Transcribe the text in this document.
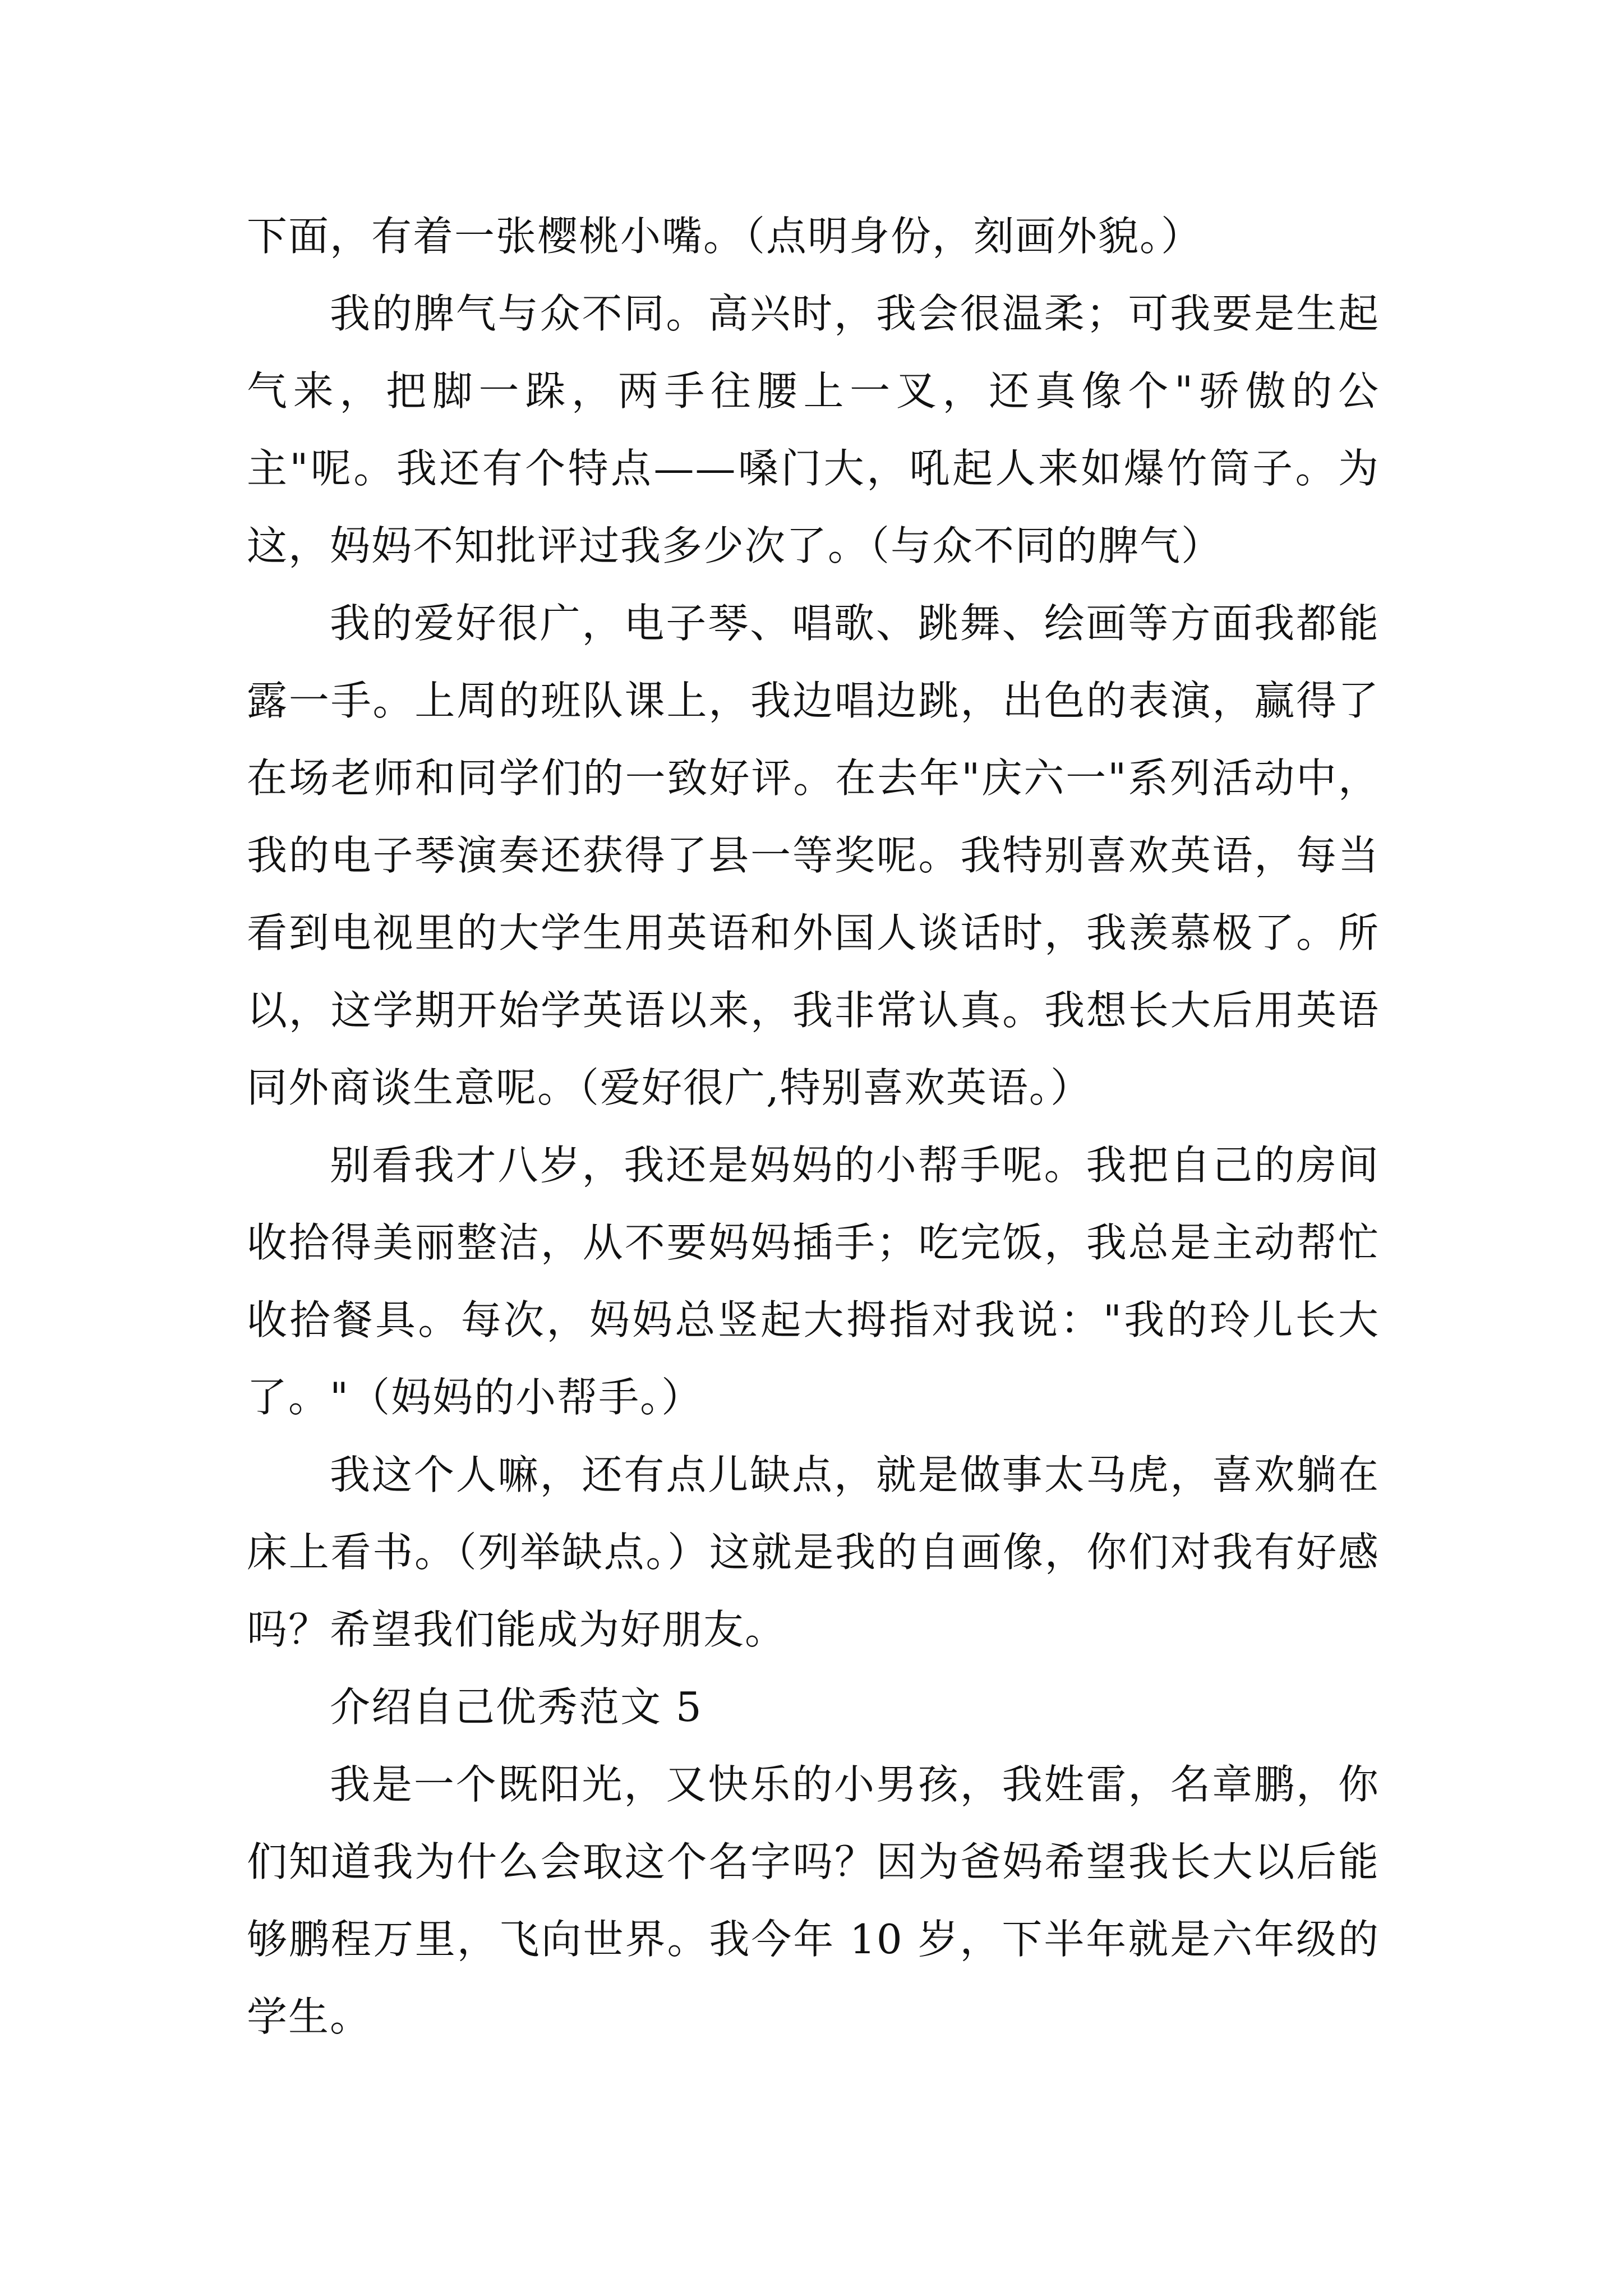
下面，有着一张樱桃小嘴。（点明身份，刻画外貌。）

我的脾气与众不同。高兴时，我会很温柔；可我要是生起气来，把脚一跺，两手往腰上一叉，还真像个"骄傲的公主"呢。我还有个特点——嗓门大，吼起人来如爆竹筒子。为这，妈妈不知批评过我多少次了。（与众不同的脾气）

我的爱好很广，电子琴、唱歌、跳舞、绘画等方面我都能露一手。上周的班队课上，我边唱边跳，出色的表演，赢得了在场老师和同学们的一致好评。在去年"庆六一"系列活动中，我的电子琴演奏还获得了县一等奖呢。我特别喜欢英语，每当看到电视里的大学生用英语和外国人谈话时，我羡慕极了。所以，这学期开始学英语以来，我非常认真。我想长大后用英语同外商谈生意呢。（爱好很广,特别喜欢英语。）

别看我才八岁，我还是妈妈的小帮手呢。我把自己的房间收拾得美丽整洁，从不要妈妈插手；吃完饭，我总是主动帮忙收拾餐具。每次，妈妈总竖起大拇指对我说："我的玲儿长大了。"（妈妈的小帮手。）

我这个人嘛，还有点儿缺点，就是做事太马虎，喜欢躺在床上看书。（列举缺点。）这就是我的自画像，你们对我有好感吗？希望我们能成为好朋友。

介绍自己优秀范文 5

我是一个既阳光，又快乐的小男孩，我姓雷，名章鹏，你们知道我为什么会取这个名字吗？因为爸妈希望我长大以后能够鹏程万里，飞向世界。我今年 10 岁，下半年就是六年级的学生。
